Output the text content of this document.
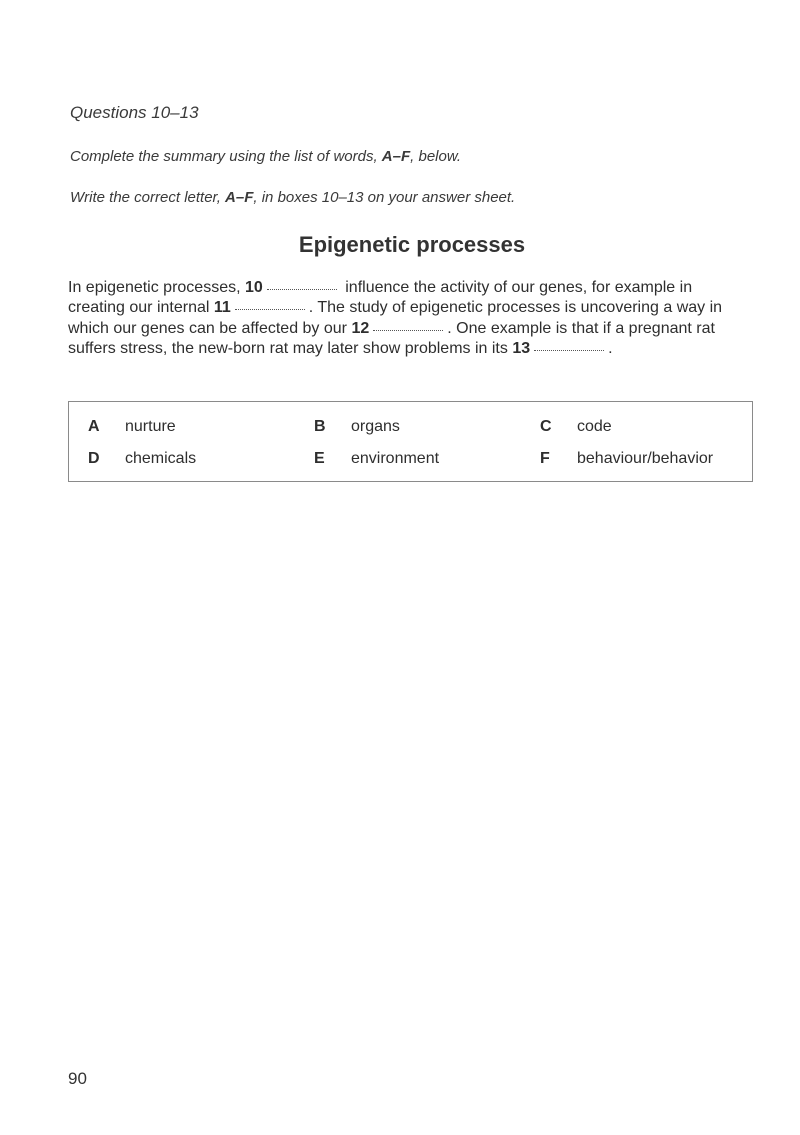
Questions 10–13
Complete the summary using the list of words, A–F, below.
Write the correct letter, A–F, in boxes 10–13 on your answer sheet.
Epigenetic processes
In epigenetic processes, 10	influence the activity of our genes, for example in creating our internal 11	. The study of epigenetic processes is uncovering a way in which our genes can be affected by our 12	. One example is that if a pregnant rat suffers stress, the new-born rat may later show problems in its 13	.
A nurture	B organs	C code
D chemicals	E environment	F behaviour/behavior
90
